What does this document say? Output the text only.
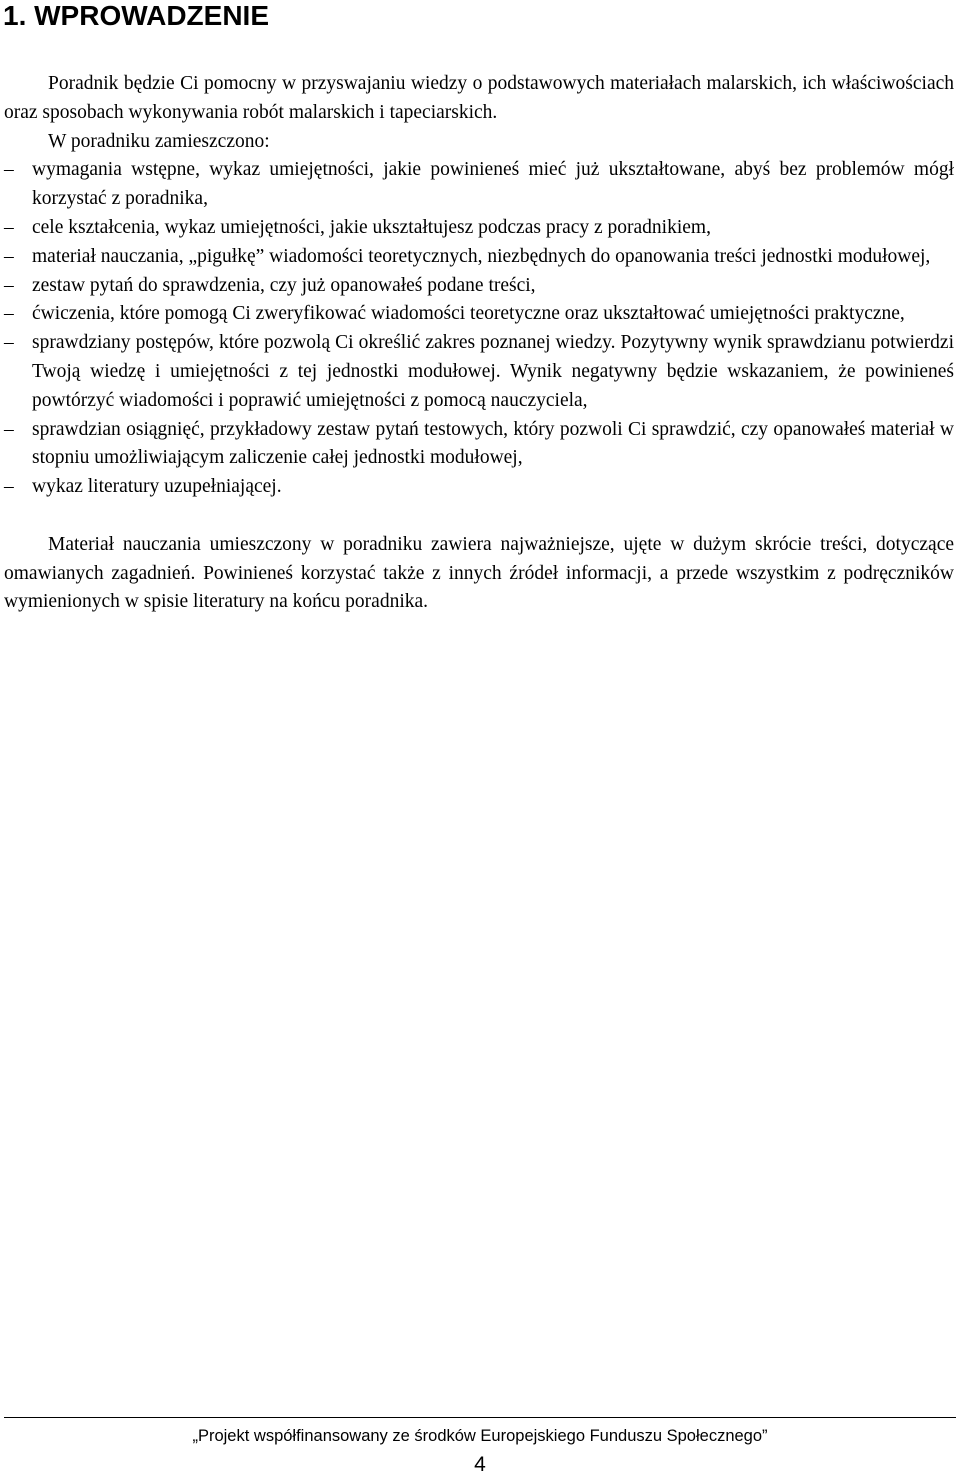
1. WPROWADZENIE

Poradnik będzie Ci pomocny w przyswajaniu wiedzy o podstawowych materiałach malarskich, ich właściwościach oraz sposobach wykonywania robót malarskich i tapeciarskich.

W poradniku zamieszczono:

– wymagania wstępne, wykaz umiejętności, jakie powinieneś mieć już ukształtowane, abyś bez problemów mógł korzystać z poradnika,
– cele kształcenia, wykaz umiejętności, jakie ukształtujesz podczas pracy z poradnikiem,
– materiał nauczania, „pigułkę” wiadomości teoretycznych, niezbędnych do opanowania treści jednostki modułowej,
– zestaw pytań do sprawdzenia, czy już opanowałeś podane treści,
– ćwiczenia, które pomogą Ci zweryfikować wiadomości teoretyczne oraz ukształtować umiejętności praktyczne,
– sprawdziany postępów, które pozwolą Ci określić zakres poznanej wiedzy. Pozytywny wynik sprawdzianu potwierdzi Twoją wiedzę i umiejętności z tej jednostki modułowej. Wynik negatywny będzie wskazaniem, że powinieneś powtórzyć wiadomości i poprawić umiejętności z pomocą nauczyciela,
– sprawdzian osiągnięć, przykładowy zestaw pytań testowych, który pozwoli Ci sprawdzić, czy opanowałeś materiał w stopniu umożliwiającym zaliczenie całej jednostki modułowej,
– wykaz literatury uzupełniającej.

Materiał nauczania umieszczony w poradniku zawiera najważniejsze, ujęte w dużym skrócie treści, dotyczące omawianych zagadnień. Powinieneś korzystać także z innych źródeł informacji, a przede wszystkim z podręczników wymienionych w spisie literatury na końcu poradnika.

„Projekt współfinansowany ze środków Europejskiego Funduszu Społecznego”
4
